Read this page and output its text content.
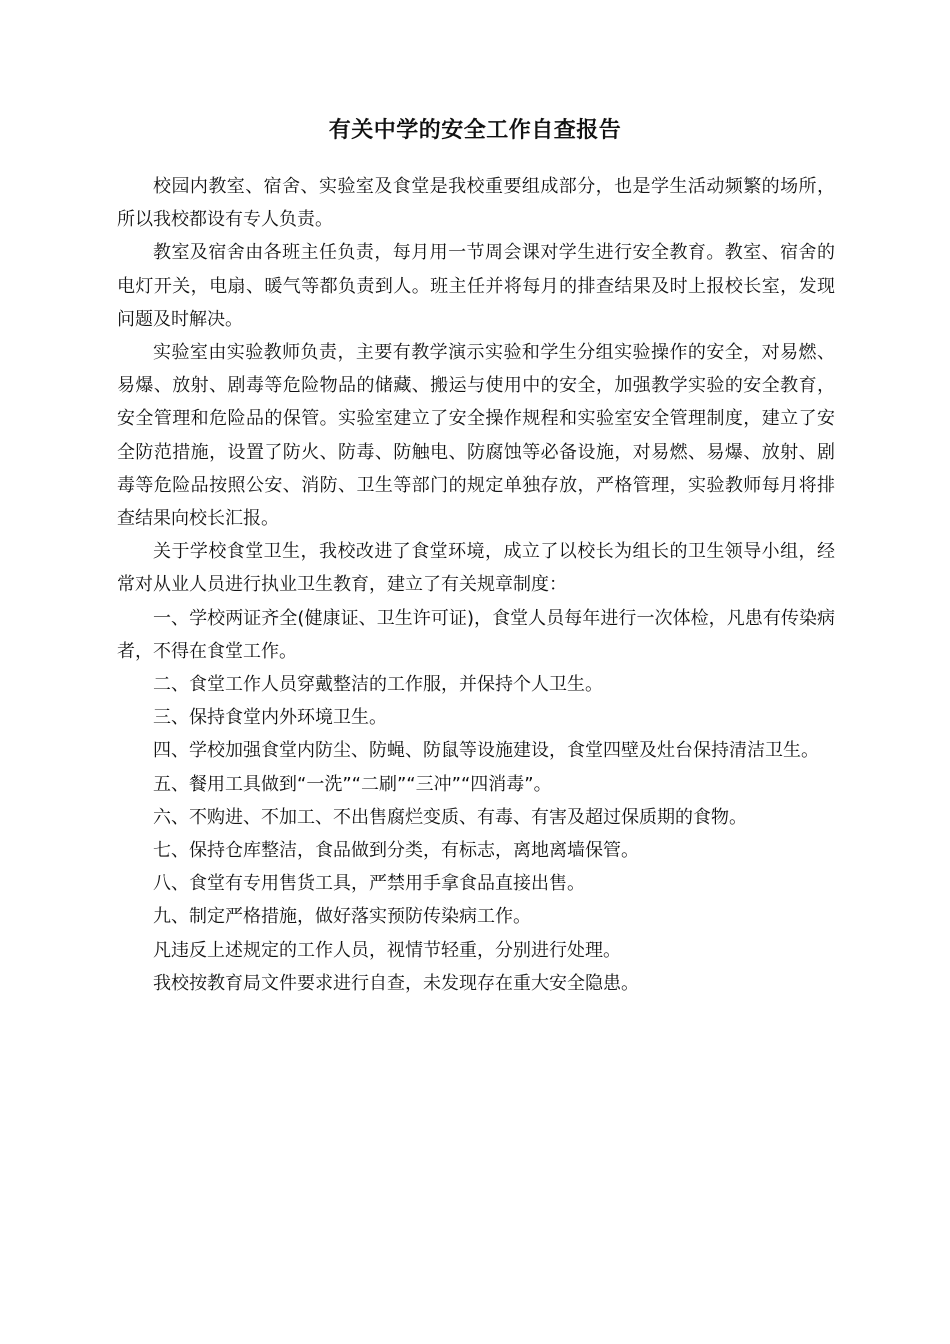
有关中学的安全工作自查报告

校园内教室、宿舍、实验室及食堂是我校重要组成部分，也是学生活动频繁的场所，所以我校都设有专人负责。

教室及宿舍由各班主任负责，每月用一节周会课对学生进行安全教育。教室、宿舍的电灯开关，电扇、暖气等都负责到人。班主任并将每月的排查结果及时上报校长室，发现问题及时解决。

实验室由实验教师负责，主要有教学演示实验和学生分组实验操作的安全，对易燃、易爆、放射、剧毒等危险物品的储藏、搬运与使用中的安全，加强教学实验的安全教育，安全管理和危险品的保管。实验室建立了安全操作规程和实验室安全管理制度，建立了安全防范措施，设置了防火、防毒、防触电、防腐蚀等必备设施，对易燃、易爆、放射、剧毒等危险品按照公安、消防、卫生等部门的规定单独存放，严格管理，实验教师每月将排查结果向校长汇报。

关于学校食堂卫生，我校改进了食堂环境，成立了以校长为组长的卫生领导小组，经常对从业人员进行执业卫生教育，建立了有关规章制度：

一、学校两证齐全(健康证、卫生许可证)，食堂人员每年进行一次体检，凡患有传染病者，不得在食堂工作。

二、食堂工作人员穿戴整洁的工作服，并保持个人卫生。

三、保持食堂内外环境卫生。

四、学校加强食堂内防尘、防蝇、防鼠等设施建设，食堂四壁及灶台保持清洁卫生。

五、餐用工具做到“一洗”“二刷”“三冲”“四消毒”。

六、不购进、不加工、不出售腐烂变质、有毒、有害及超过保质期的食物。

七、保持仓库整洁，食品做到分类，有标志，离地离墙保管。

八、食堂有专用售货工具，严禁用手拿食品直接出售。

九、制定严格措施，做好落实预防传染病工作。

凡违反上述规定的工作人员，视情节轻重，分别进行处理。

我校按教育局文件要求进行自查，未发现存在重大安全隐患。
